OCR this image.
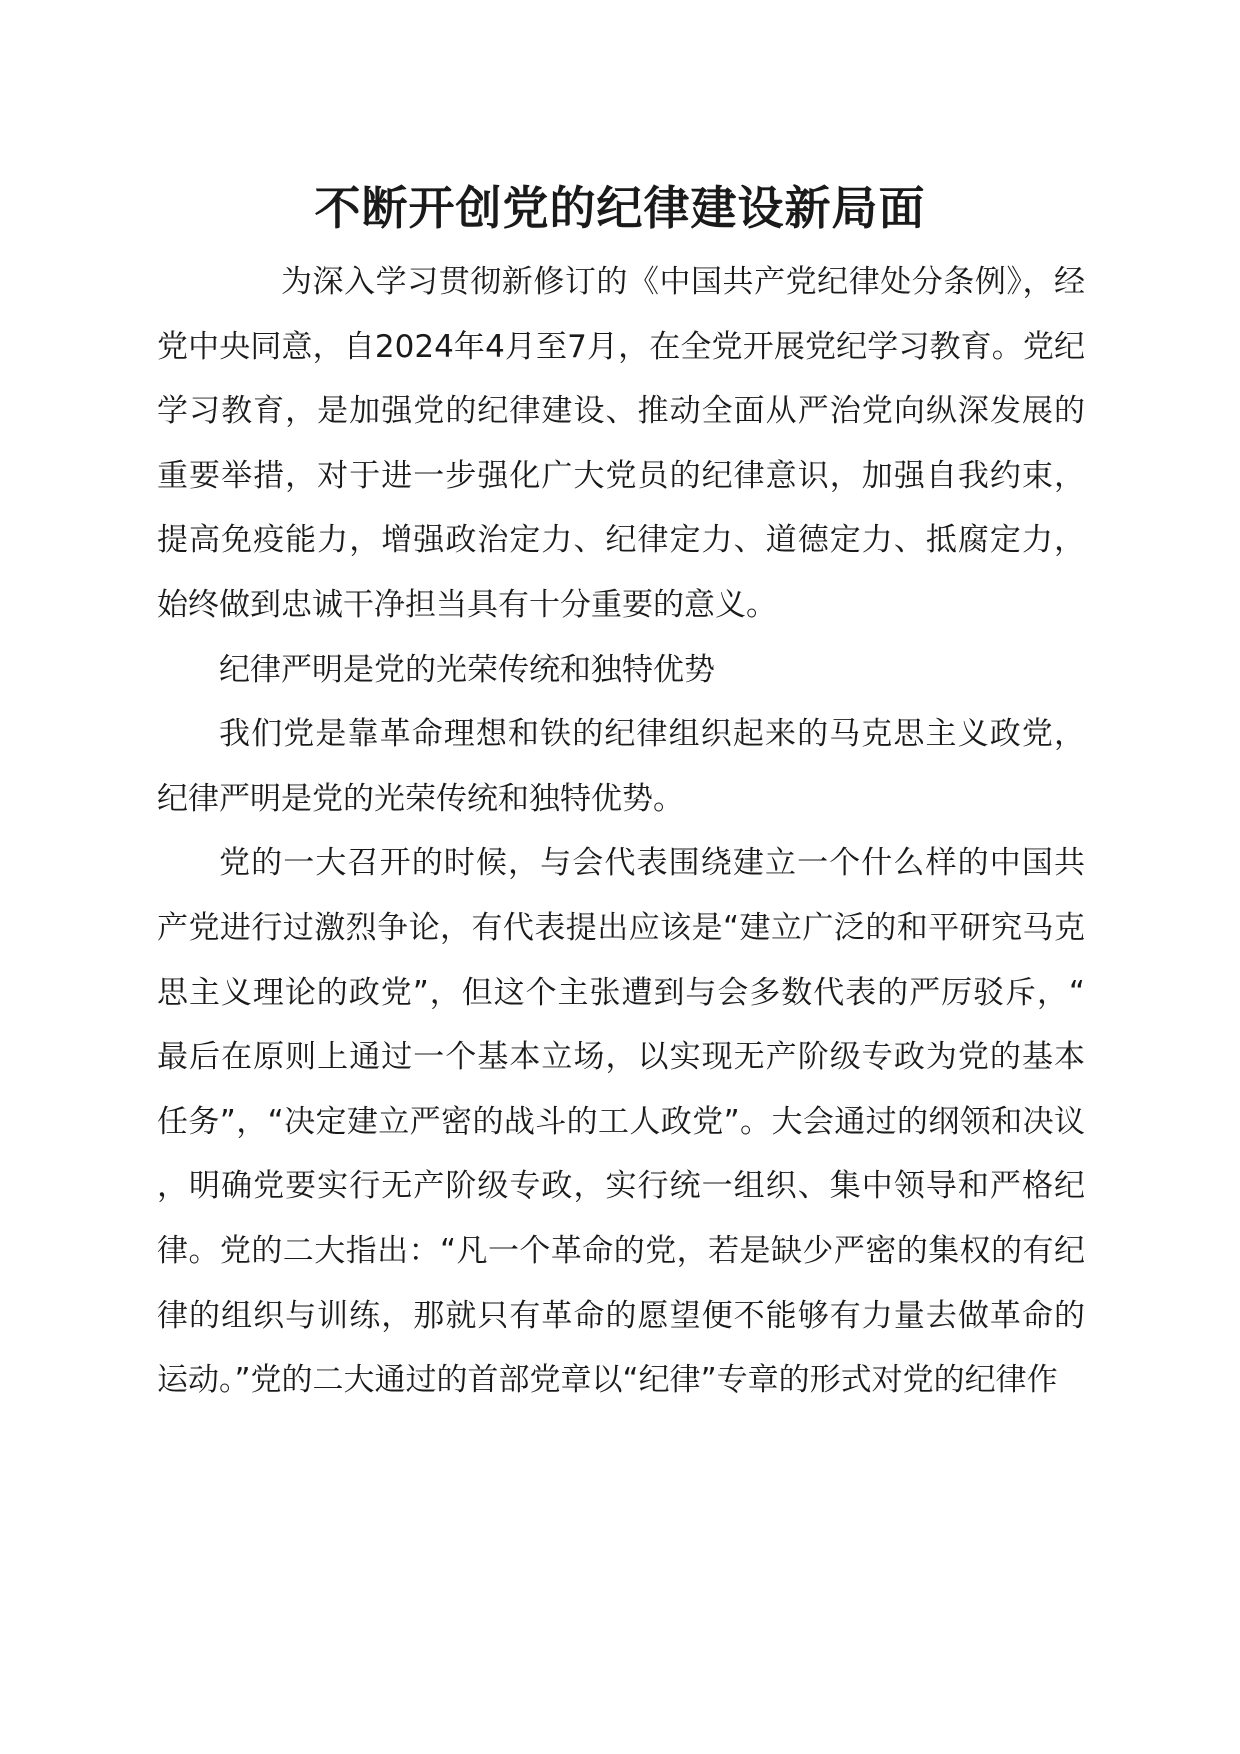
不断开创党的纪律建设新局面

为深入学习贯彻新修订的《中国共产党纪律处分条例》，经党中央同意，自2024年4月至7月，在全党开展党纪学习教育。党纪学习教育，是加强党的纪律建设、推动全面从严治党向纵深发展的重要举措，对于进一步强化广大党员的纪律意识，加强自我约束，提高免疫能力，增强政治定力、纪律定力、道德定力、抵腐定力，始终做到忠诚干净担当具有十分重要的意义。

纪律严明是党的光荣传统和独特优势

我们党是靠革命理想和铁的纪律组织起来的马克思主义政党，纪律严明是党的光荣传统和独特优势。

党的一大召开的时候，与会代表围绕建立一个什么样的中国共产党进行过激烈争论，有代表提出应该是“建立广泛的和平研究马克思主义理论的政党”，但这个主张遭到与会多数代表的严厉驳斥，“最后在原则上通过一个基本立场，以实现无产阶级专政为党的基本任务”，“决定建立严密的战斗的工人政党”。大会通过的纲领和决议，明确党要实行无产阶级专政，实行统一组织、集中领导和严格纪律。党的二大指出：“凡一个革命的党，若是缺少严密的集权的有纪律的组织与训练，那就只有革命的愿望便不能够有力量去做革命的运动。”党的二大通过的首部党章以“纪律”专章的形式对党的纪律作
